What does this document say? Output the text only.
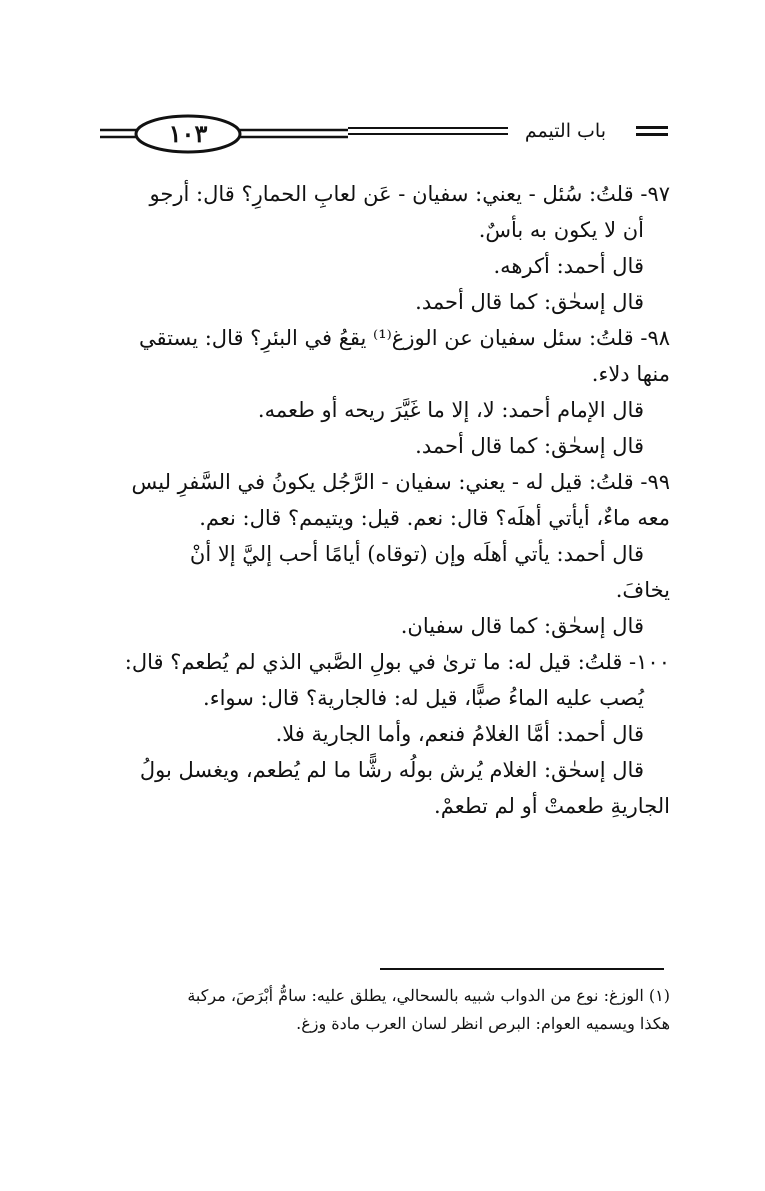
١٠٣	باب التيمم
٩٧- قلتُ: سُئل - يعني: سفيان - عَن لعابِ الحمارِ؟ قال: أرجو
أن لا يكون به بأسٌ.
قال أحمد: أكرهه.
قال إسحٰق: كما قال أحمد.
٩٨- قلتُ: سئل سفيان عن الوزغ⁽¹⁾ يقعُ في البئرِ؟ قال: يستقي
منها دلاء.
قال الإمام أحمد: لا، إلا ما غَيَّرَ ريحه أو طعمه.
قال إسحٰق: كما قال أحمد.
٩٩- قلتُ: قيل له - يعني: سفيان - الرَّجُل يكونُ في السَّفرِ ليس
معه ماءٌ، أيأتي أهلَه؟ قال: نعم. قيل: ويتيمم؟ قال: نعم.
قال أحمد: يأتي أهلَه وإن (توقاه) أيامًا أحب إليَّ إلا أنْ
يخافَ.
قال إسحٰق: كما قال سفيان.
١٠٠- قلتُ: قيل له: ما ترىٰ في بولِ الصَّبي الذي لم يُطعم؟ قال:
يُصب عليه الماءُ صبًّا، قيل له: فالجارية؟ قال: سواء.
قال أحمد: أمَّا الغلامُ فنعم، وأما الجارية فلا.
قال إسحٰق: الغلام يُرش بولُه رشًّا ما لم يُطعم، ويغسل بولُ
الجاريةِ طعمتْ أو لم تطعمْ.
(١) الوزغ: نوع من الدواب شبيه بالسحالي، يطلق عليه: سامُّ أبْرَصَ، مركبة
هكذا ويسميه العوام: البرص انظر لسان العرب مادة وزغ.
